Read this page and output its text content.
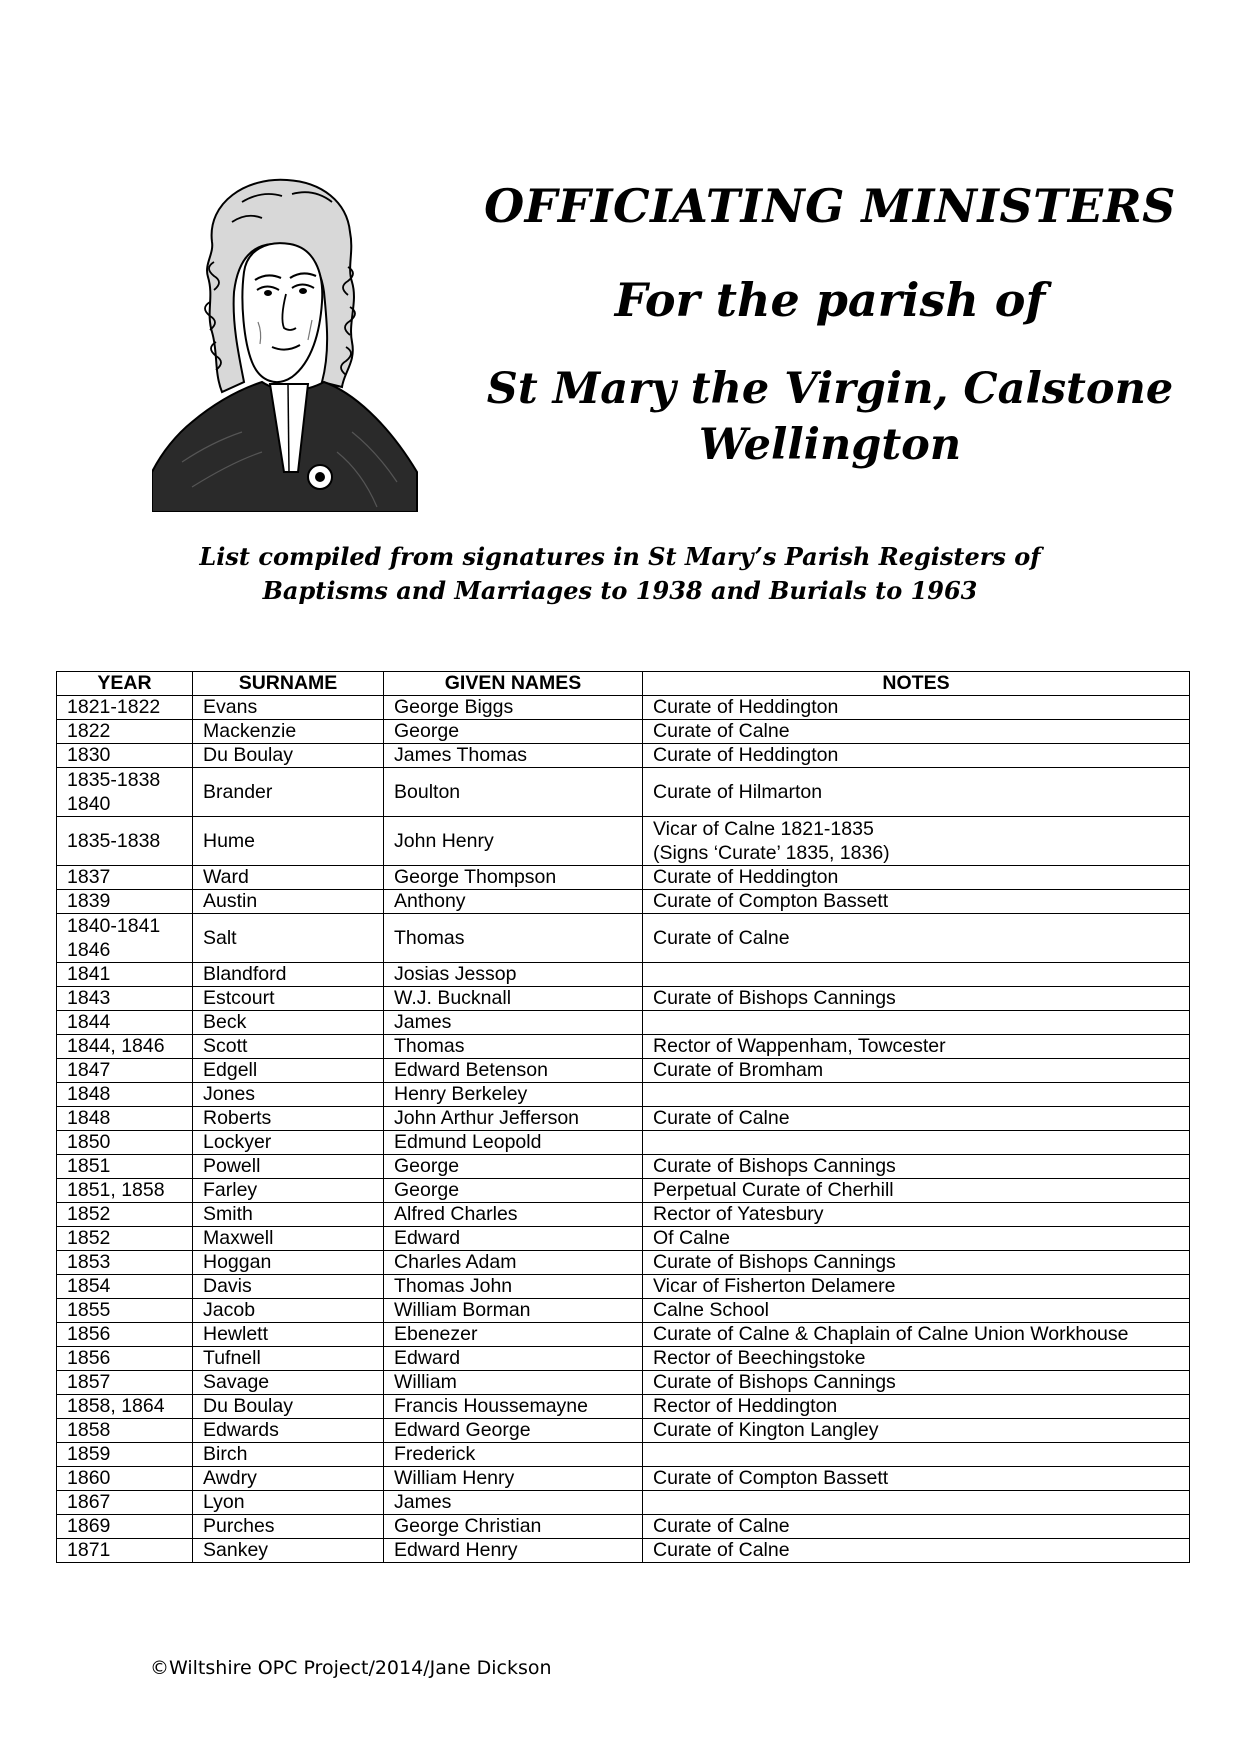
OFFICIATING MINISTERS
For the parish of
St Mary the Virgin, Calstone
Wellington
List compiled from signatures in St Mary’s Parish Registers of
Baptisms and Marriages to 1938 and Burials to 1963
YEAR	SURNAME	GIVEN NAMES	NOTES
1821-1822	Evans	George Biggs	Curate of Heddington
1822	Mackenzie	George	Curate of Calne
1830	Du Boulay	James Thomas	Curate of Heddington

1835-1838
1840	Brander	Boulton	Curate of Hilmarton
1835-1838	Hume	John Henry	Vicar of Calne 1821-1835
(Signs ‘Curate’ 1835, 1836)

1837	Ward	George Thompson	Curate of Heddington
1839	Austin	Anthony	Curate of Compton Bassett

1840-1841
1846	Salt	Thomas	Curate of Calne
1841	Blandford	Josias Jessop	
1843	Estcourt	W.J. Bucknall	Curate of Bishops Cannings
1844	Beck	James	
1844, 1846	Scott	Thomas	Rector of Wappenham, Towcester
1847	Edgell	Edward Betenson	Curate of Bromham
1848	Jones	Henry Berkeley	
1848	Roberts	John Arthur Jefferson	Curate of Calne
1850	Lockyer	Edmund Leopold	
1851	Powell	George	Curate of Bishops Cannings
1851, 1858	Farley	George	Perpetual Curate of Cherhill
1852	Smith	Alfred Charles	Rector of Yatesbury
1852	Maxwell	Edward	Of Calne
1853	Hoggan	Charles Adam	Curate of Bishops Cannings
1854	Davis	Thomas John	Vicar of Fisherton Delamere
1855	Jacob	William Borman	Calne School
1856	Hewlett	Ebenezer	Curate of Calne & Chaplain of Calne Union Workhouse
1856	Tufnell	Edward	Rector of Beechingstoke
1857	Savage	William	Curate of Bishops Cannings
1858, 1864	Du Boulay	Francis Houssemayne	Rector of Heddington
1858	Edwards	Edward George	Curate of Kington Langley
1859	Birch	Frederick	
1860	Awdry	William Henry	Curate of Compton Bassett
1867	Lyon	James	
1869	Purches	George Christian	Curate of Calne
1871	Sankey	Edward Henry	Curate of Calne
©Wiltshire OPC Project/2014/Jane Dickson
